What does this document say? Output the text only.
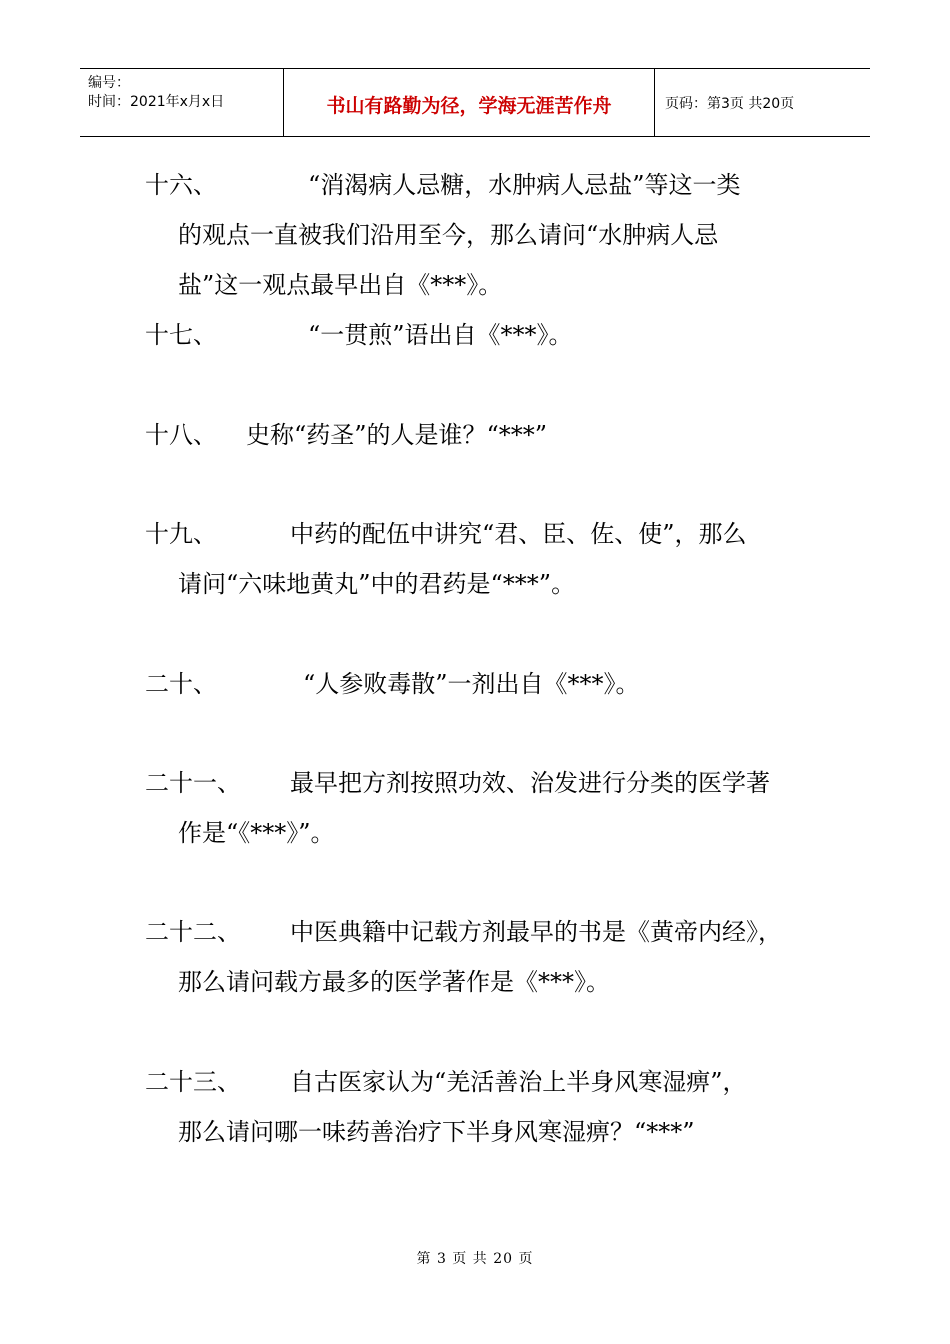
编号：
时间：2021年x月x日	书山有路勤为径，学海无涯苦作舟	页码：第3页 共20页
十六、	“消渴病人忌糖，水肿病人忌盐”等这一类
的观点一直被我们沿用至今，那么请问“水肿病人忌
盐”这一观点最早出自《***》。
十七、	“一贯煎”语出自《***》。
十八、 史称“药圣”的人是谁？“***”
十九、	中药的配伍中讲究“君、臣、佐、使”，那么
请问“六味地黄丸”中的君药是“***”。
二十、	“人参败毒散”一剂出自《***》。
二十一、 最早把方剂按照功效、治发进行分类的医学著
作是“《***》”。
二十二、 中医典籍中记载方剂最早的书是《黄帝内经》，
那么请问载方最多的医学著作是《***》。
二十三、 自古医家认为“羌活善治上半身风寒湿痹”，
那么请问哪一味药善治疗下半身风寒湿痹？“***”
第 3 页 共 20 页
